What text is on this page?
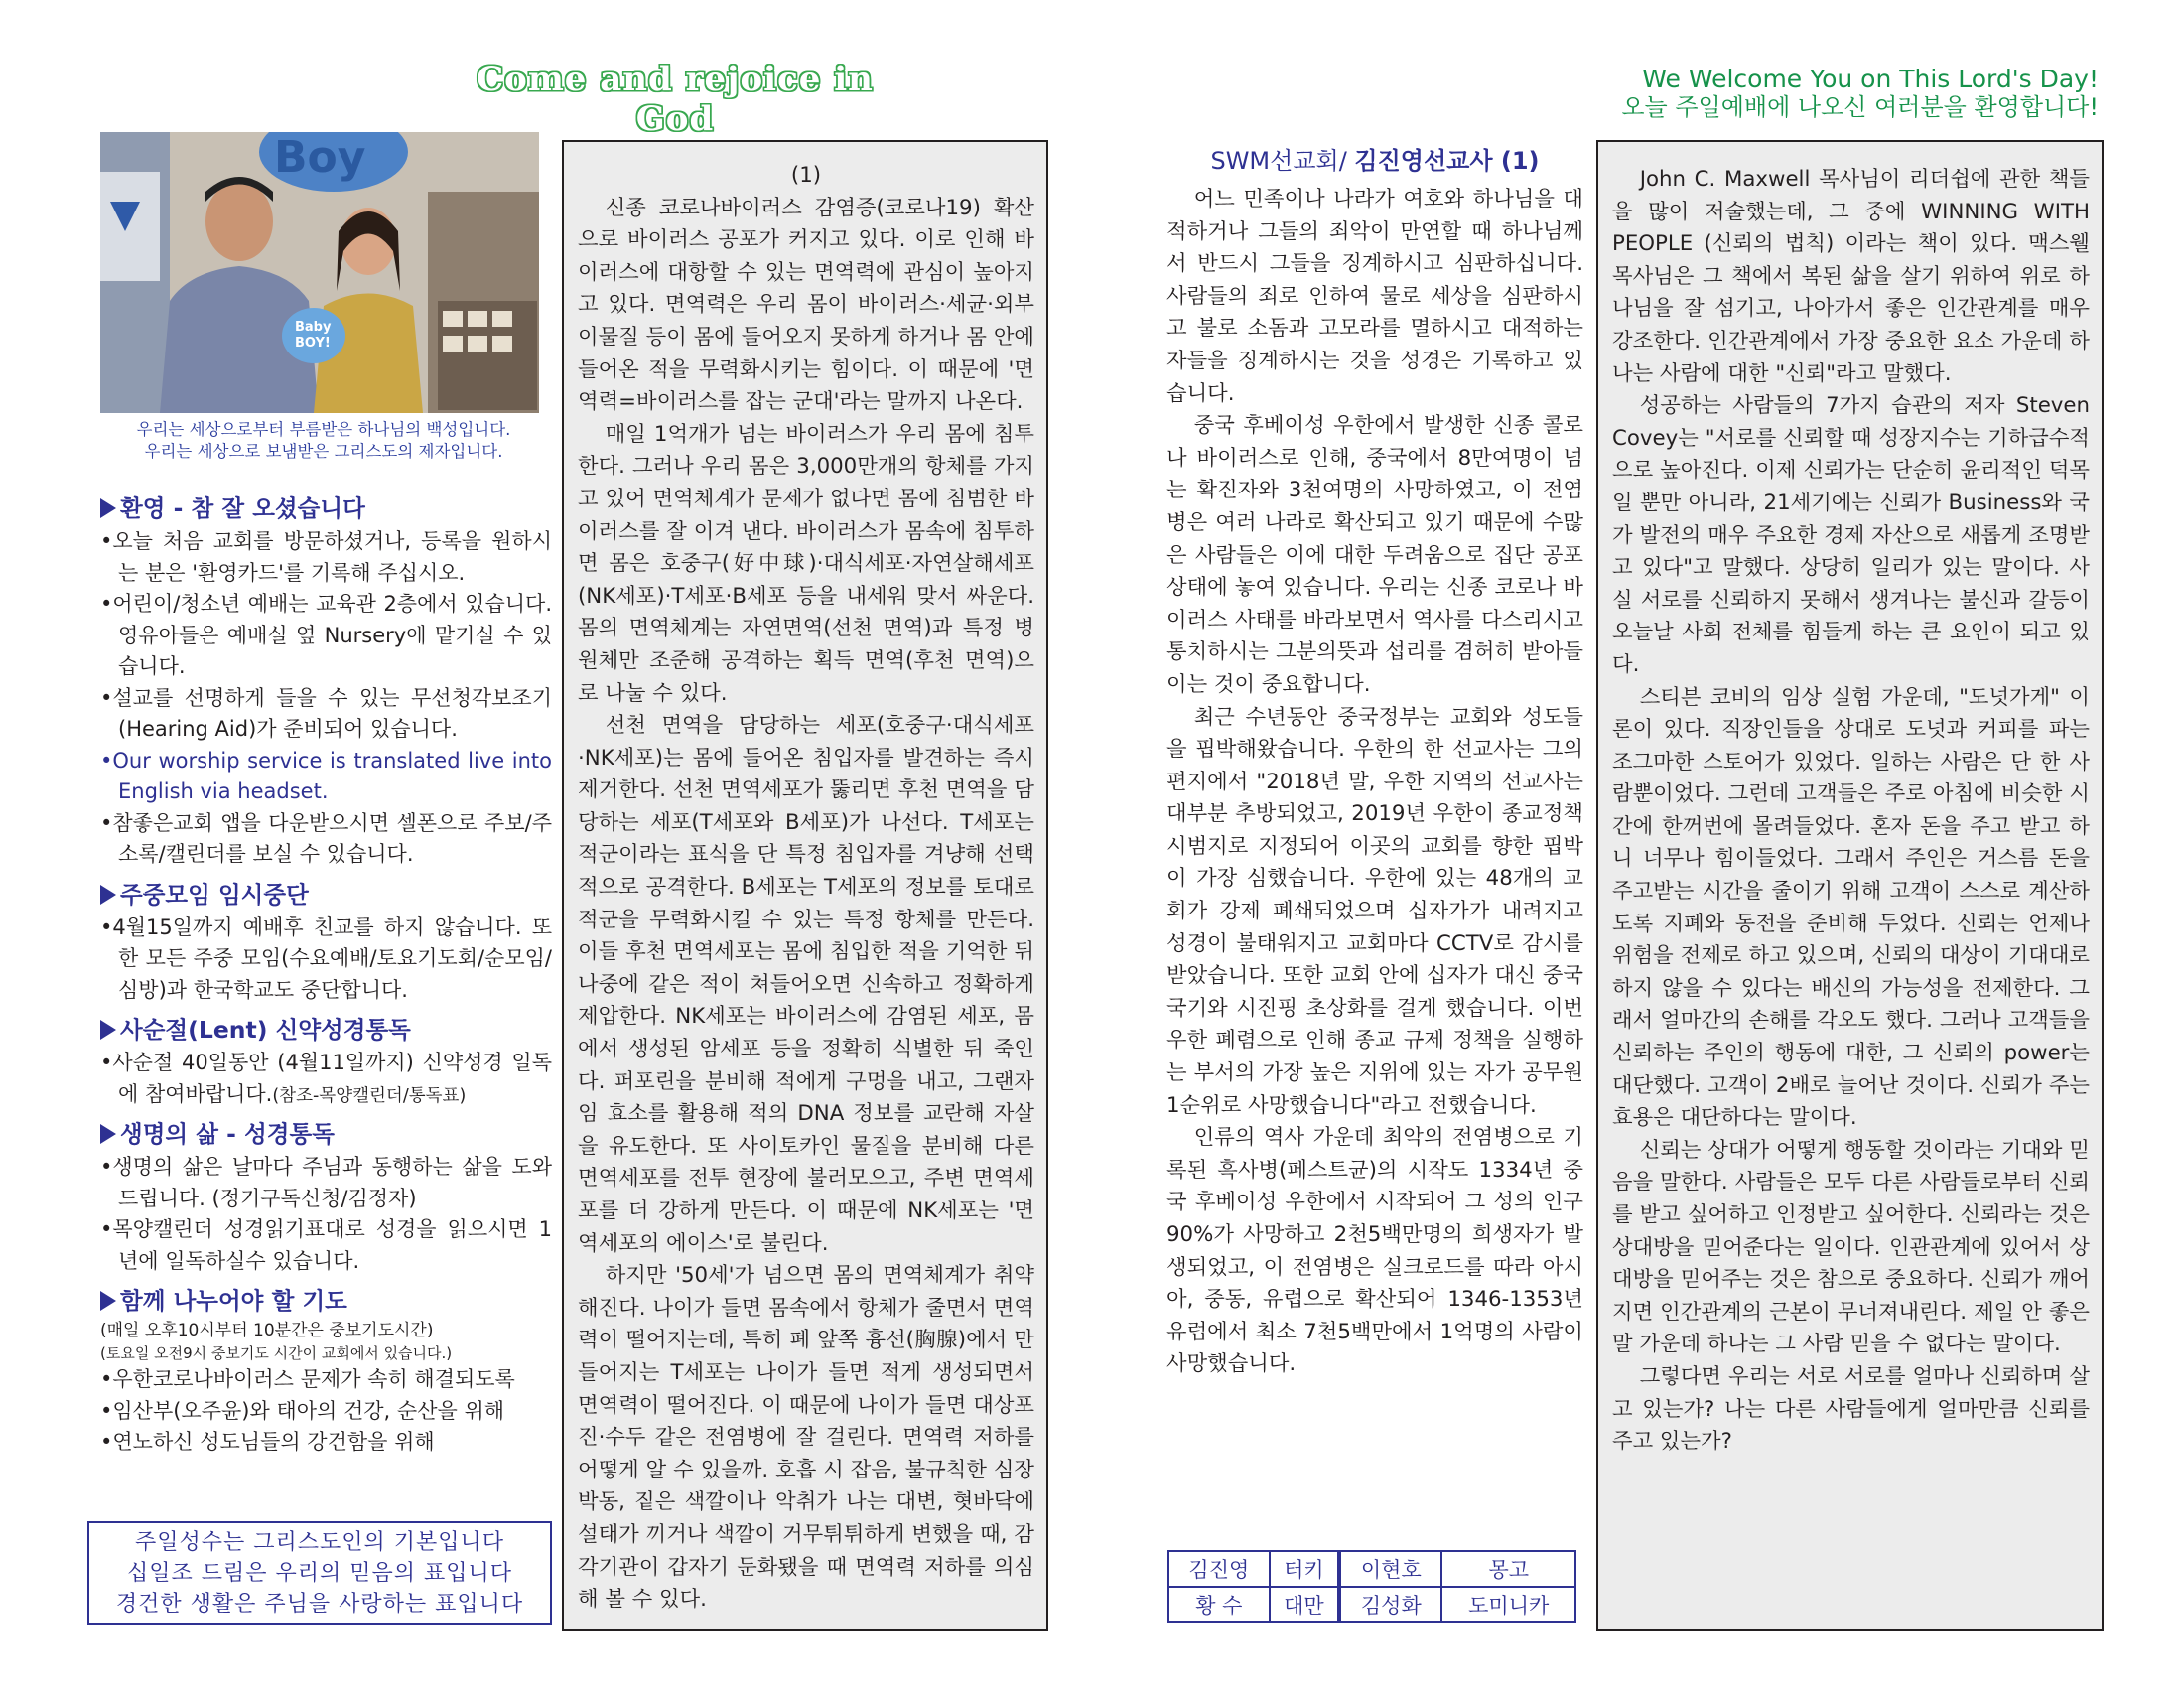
Come and rejoice in God
We Welcome You on This Lord's Day!
오늘 주일예배에 나오신 여러분을 환영합니다!
Boy
Baby
BOY!
우리는 세상으로부터 부름받은 하나님의 백성입니다.
우리는 세상으로 보냄받은 그리스도의 제자입니다.
환영 - 참 잘 오셨습니다
•오늘 처음 교회를 방문하셨거나, 등록을 원하시는 분은 '환영카드'를 기록해 주십시오.
•어린이/청소년 예배는 교육관 2층에서 있습니다. 영유아들은 예배실 옆 Nursery에 맡기실 수 있습니다.
•설교를 선명하게 들을 수 있는 무선청각보조기(Hearing Aid)가 준비되어 있습니다.
•Our worship service is translated live into English via headset.
•참좋은교회 앱을 다운받으시면 셀폰으로 주보/주소록/캘린더를 보실 수 있습니다.
주중모임 임시중단
•4월15일까지 예배후 친교를 하지 않습니다. 또한 모든 주중 모임(수요예배/토요기도회/순모임/심방)과 한국학교도 중단합니다.
사순절(Lent) 신약성경통독
•사순절 40일동안 (4월11일까지) 신약성경 일독에 참여바랍니다.(참조-목양캘린더/통독표)
생명의 삶 - 성경통독
•생명의 삶은 날마다 주님과 동행하는 삶을 도와드립니다. (정기구독신청/김정자)
•목양캘린더 성경읽기표대로 성경을 읽으시면 1년에 일독하실수 있습니다.
함께 나누어야 할 기도
(매일 오후10시부터 10분간은 중보기도시간)
(토요일 오전9시 중보기도 시간이 교회에서 있습니다.)
•우한코로나바이러스 문제가 속히 해결되도록
•임산부(오주윤)와 태아의 건강, 순산을 위해
•연노하신 성도님들의 강건함을 위해
주일성수는 그리스도인의 기본입니다
십일조 드림은 우리의 믿음의 표입니다
경건한 생활은 주님을 사랑하는 표입니다

(1)

신종 코로나바이러스 감염증(코로나19) 확산으로 바이러스 공포가 커지고 있다. 이로 인해 바이러스에 대항할 수 있는 면역력에 관심이 높아지고 있다. 면역력은 우리 몸이 바이러스·세균·외부 이물질 등이 몸에 들어오지 못하게 하거나 몸 안에 들어온 적을 무력화시키는 힘이다. 이 때문에 '면역력=바이러스를 잡는 군대'라는 말까지 나온다.

매일 1억개가 넘는 바이러스가 우리 몸에 침투한다. 그러나 우리 몸은 3,000만개의 항체를 가지고 있어 면역체계가 문제가 없다면 몸에 침범한 바이러스를 잘 이겨 낸다. 바이러스가 몸속에 침투하면 몸은 호중구(好中球)·대식세포·자연살해세포(NK세포)·T세포·B세포 등을 내세워 맞서 싸운다. 몸의 면역체계는 자연면역(선천 면역)과 특정 병원체만 조준해 공격하는 획득 면역(후천 면역)으로 나눌 수 있다.

선천 면역을 담당하는 세포(호중구·대식세포·NK세포)는 몸에 들어온 침입자를 발견하는 즉시 제거한다. 선천 면역세포가 뚫리면 후천 면역을 담당하는 세포(T세포와 B세포)가 나선다. T세포는 적군이라는 표식을 단 특정 침입자를 겨냥해 선택적으로 공격한다. B세포는 T세포의 정보를 토대로 적군을 무력화시킬 수 있는 특정 항체를 만든다. 이들 후천 면역세포는 몸에 침입한 적을 기억한 뒤 나중에 같은 적이 쳐들어오면 신속하고 정확하게 제압한다. NK세포는 바이러스에 감염된 세포, 몸에서 생성된 암세포 등을 정확히 식별한 뒤 죽인다. 퍼포린을 분비해 적에게 구멍을 내고, 그랜자임 효소를 활용해 적의 DNA 정보를 교란해 자살을 유도한다. 또 사이토카인 물질을 분비해 다른 면역세포를 전투 현장에 불러모으고, 주변 면역세포를 더 강하게 만든다. 이 때문에 NK세포는 '면역세포의 에이스'로 불린다.

하지만 '50세'가 넘으면 몸의 면역체계가 취약해진다. 나이가 들면 몸속에서 항체가 줄면서 면역력이 떨어지는데, 특히 폐 앞쪽 흉선(胸腺)에서 만들어지는 T세포는 나이가 들면 적게 생성되면서 면역력이 떨어진다. 이 때문에 나이가 들면 대상포진·수두 같은 전염병에 잘 걸린다. 면역력 저하를 어떻게 알 수 있을까. 호흡 시 잡음, 불규칙한 심장 박동, 짙은 색깔이나 악취가 나는 대변, 혓바닥에 설태가 끼거나 색깔이 거무튀튀하게 변했을 때, 감각기관이 갑자기 둔화됐을 때 면역력 저하를 의심해 볼 수 있다.

SWM선교회/ 김진영선교사 (1)

어느 민족이나 나라가 여호와 하나님을 대적하거나 그들의 죄악이 만연할 때 하나님께서 반드시 그들을 징계하시고 심판하십니다. 사람들의 죄로 인하여 물로 세상을 심판하시고 불로 소돔과 고모라를 멸하시고 대적하는 자들을 징계하시는 것을 성경은 기록하고 있습니다.

중국 후베이성 우한에서 발생한 신종 콜로나 바이러스로 인해, 중국에서 8만여명이 넘는 확진자와 3천여명의 사망하였고, 이 전염병은 여러 나라로 확산되고 있기 때문에 수많은 사람들은 이에 대한 두려움으로 집단 공포 상태에 놓여 있습니다. 우리는 신종 코로나 바이러스 사태를 바라보면서 역사를 다스리시고 통치하시는 그분의뜻과 섭리를 겸허히 받아들이는 것이 중요합니다.

최근 수년동안 중국정부는 교회와 성도들을 핍박해왔습니다. 우한의 한 선교사는 그의 편지에서 "2018년 말, 우한 지역의 선교사는 대부분 추방되었고, 2019년 우한이 종교정책 시범지로 지정되어 이곳의 교회를 향한 핍박이 가장 심했습니다. 우한에 있는 48개의 교회가 강제 폐쇄되었으며 십자가가 내려지고 성경이 불태워지고 교회마다 CCTV로 감시를 받았습니다. 또한 교회 안에 십자가 대신 중국 국기와 시진핑 초상화를 걸게 했습니다. 이번 우한 폐렴으로 인해 종교 규제 정책을 실행하는 부서의 가장 높은 지위에 있는 자가 공무원 1순위로 사망했습니다"라고 전했습니다.

인류의 역사 가운데 최악의 전염병으로 기록된 흑사병(페스트균)의 시작도 1334년 중국 후베이성 우한에서 시작되어 그 성의 인구 90%가 사망하고 2천5백만명의 희생자가 발생되었고, 이 전염병은 실크로드를 따라 아시아, 중동, 유럽으로 확산되어 1346-1353년 유럽에서 최소 7천5백만에서 1억명의 사람이 사망했습니다.

김진영	터키	이현호	몽고
황 수	대만	김성화	도미니카

John C. Maxwell 목사님이 리더쉽에 관한 책들을 많이 저술했는데, 그 중에 WINNING WITH PEOPLE (신뢰의 법칙) 이라는 책이 있다. 맥스웰 목사님은 그 책에서 복된 삶을 살기 위하여 위로 하나님을 잘 섬기고, 나아가서 좋은 인간관계를 매우 강조한다. 인간관계에서 가장 중요한 요소 가운데 하나는 사람에 대한 "신뢰"라고 말했다.

성공하는 사람들의 7가지 습관의 저자 Steven Covey는 "서로를 신뢰할 때 성장지수는 기하급수적으로 높아진다. 이제 신뢰가는 단순히 윤리적인 덕목일 뿐만 아니라, 21세기에는 신뢰가 Business와 국가 발전의 매우 주요한 경제 자산으로 새롭게 조명받고 있다"고 말했다. 상당히 일리가 있는 말이다. 사실 서로를 신뢰하지 못해서 생겨나는 불신과 갈등이 오늘날 사회 전체를 힘들게 하는 큰 요인이 되고 있다.

스티븐 코비의 임상 실험 가운데, "도넛가게" 이론이 있다. 직장인들을 상대로 도넛과 커피를 파는 조그마한 스토어가 있었다. 일하는 사람은 단 한 사람뿐이었다. 그런데 고객들은 주로 아침에 비슷한 시간에 한꺼번에 몰려들었다. 혼자 돈을 주고 받고 하니 너무나 힘이들었다. 그래서 주인은 거스름 돈을 주고받는 시간을 줄이기 위해 고객이 스스로 계산하도록 지폐와 동전을 준비해 두었다. 신뢰는 언제나 위험을 전제로 하고 있으며, 신뢰의 대상이 기대대로 하지 않을 수 있다는 배신의 가능성을 전제한다. 그래서 얼마간의 손해를 각오도 했다. 그러나 고객들을 신뢰하는 주인의 행동에 대한, 그 신뢰의 power는 대단했다. 고객이 2배로 늘어난 것이다. 신뢰가 주는 효용은 대단하다는 말이다.

신뢰는 상대가 어떻게 행동할 것이라는 기대와 믿음을 말한다. 사람들은 모두 다른 사람들로부터 신뢰를 받고 싶어하고 인정받고 싶어한다. 신뢰라는 것은 상대방을 믿어준다는 일이다. 인관관계에 있어서 상대방을 믿어주는 것은 참으로 중요하다. 신뢰가 깨어지면 인간관계의 근본이 무너져내린다. 제일 안 좋은 말 가운데 하나는 그 사람 믿을 수 없다는 말이다.

그렇다면 우리는 서로 서로를 얼마나 신뢰하며 살고 있는가? 나는 다른 사람들에게 얼마만큼 신뢰를 주고 있는가?
